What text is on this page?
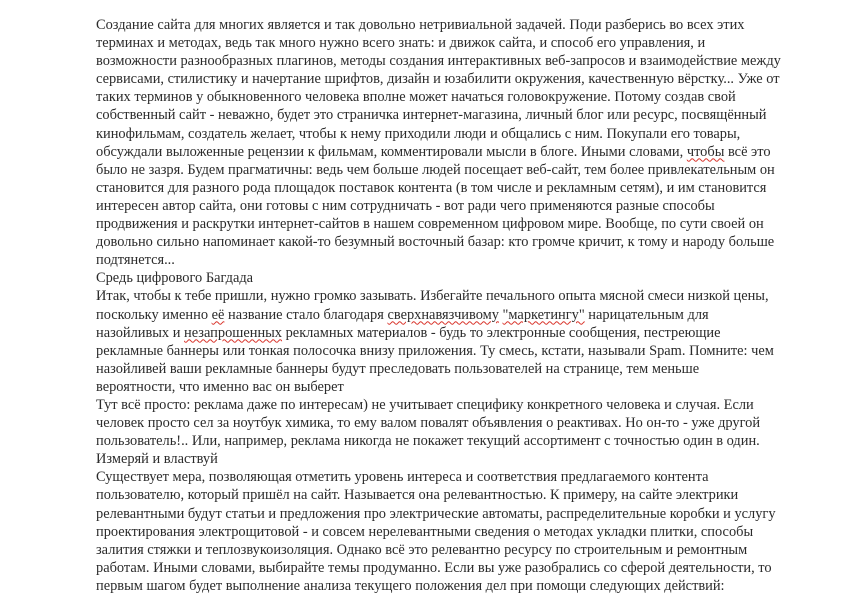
Создание сайта для многих является и так довольно нетривиальной задачей. Поди разберись во всех этих терминах и методах, ведь так много нужно всего знать: и движок сайта, и способ его управления, и возможности разнообразных плагинов, методы создания интерактивных веб-запросов и взаимодействие между сервисами, стилистику и начертание шрифтов, дизайн и юзабилити окружения, качественную вёрстку... Уже от таких терминов у обыкновенного человека вполне может начаться головокружение. Потому создав свой собственный сайт - неважно, будет это страничка интернет-магазина, личный блог или ресурс, посвящённый кинофильмам, создатель желает, чтобы к нему приходили люди и общались с ним. Покупали его товары, обсуждали выложенные рецензии к фильмам, комментировали мысли в блоге. Иными словами, чтобы всё это было не зазря. Будем прагматичны: ведь чем больше людей посещает веб-сайт, тем более привлекательным он становится для разного рода площадок поставок контента (в том числе и рекламным сетям), и им становится интересен автор сайта, они готовы с ним сотрудничать - вот ради чего применяются разные способы продвижения и раскрутки интернет-сайтов в нашем современном цифровом мире. Вообще, по сути своей он довольно сильно напоминает какой-то безумный восточный базар: кто громче кричит, к тому и народу больше подтянется...

Средь цифрового Багдада

Итак, чтобы к тебе пришли, нужно громко зазывать. Избегайте печального опыта мясной смеси низкой цены, поскольку именно её название стало благодаря сверхнавязчивому "маркетингу" нарицательным для назойливых и незапрошенных рекламных материалов - будь то электронные сообщения, пестреющие рекламные баннеры или тонкая полосочка внизу приложения. Ту смесь, кстати, называли Spam. Помните: чем назойливей ваши рекламные баннеры будут преследовать пользователей на странице, тем меньше вероятности, что именно вас он выберет

Тут всё просто: реклама даже по интересам) не учитывает специфику конкретного человека и случая. Если человек просто сел за ноутбук химика, то ему валом повалят объявления о реактивах. Но он-то - уже другой пользователь!.. Или, например, реклама никогда не покажет текущий ассортимент с точностью один в один.

Измеряй и властвуй

Существует мера, позволяющая отметить уровень интереса и соответствия предлагаемого контента пользователю, который пришёл на сайт. Называется она релевантностью. К примеру, на сайте электрики релевантными будут статьи и предложения про электрические автоматы, распределительные коробки и услугу проектирования электрощитовой - и совсем нерелевантными сведения о методах укладки плитки, способы залития стяжки и теплозвукоизоляция. Однако всё это релевантно ресурсу по строительным и ремонтным работам. Иными словами, выбирайте темы продуманно. Если вы уже разобрались со сферой деятельности, то первым шагом будет выполнение анализа текущего положения дел при помощи следующих действий:
